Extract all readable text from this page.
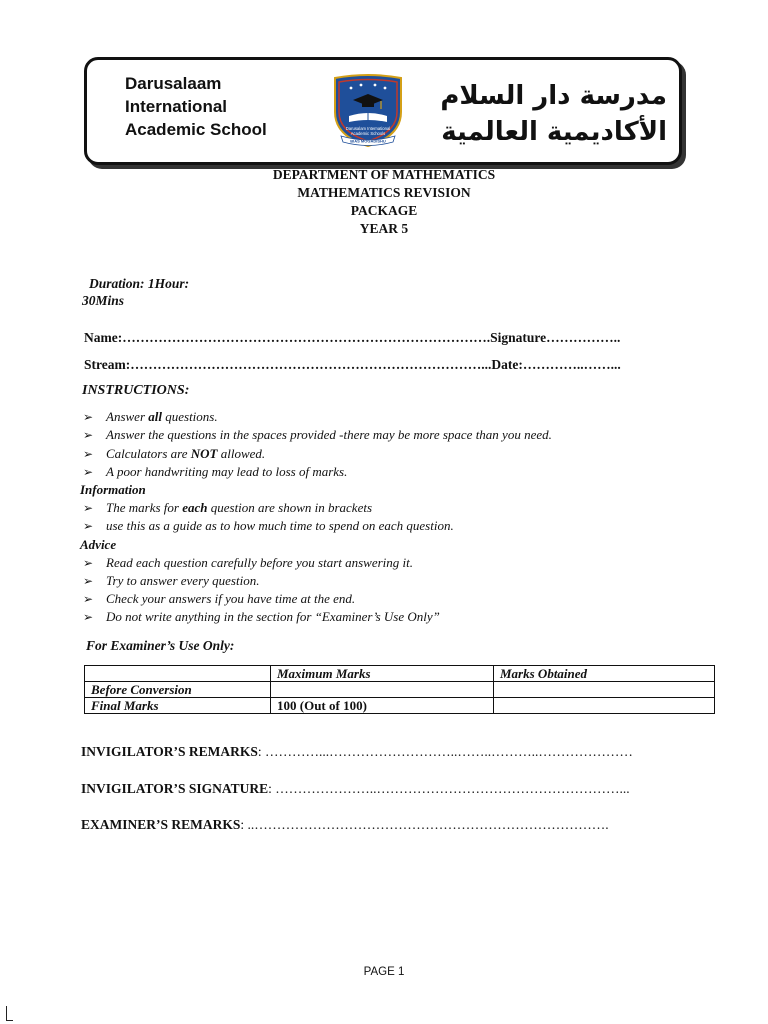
Darusalaam
International
Academic School	Darusalam International
Academic Schools
BIAS MOGADISHU
مدرسة دار السلام
الأكاديمية العالمية
DEPARTMENT OF MATHEMATICS
MATHEMATICS REVISION
PACKAGE
YEAR 5
Duration: 1Hour:
30Mins
Name:……………………………………………………………………….Signature……………..
Stream:……………………………………………………………………...Date:…………..……...
INSTRUCTIONS:
➢ Answer all questions.
➢ Answer the questions in the spaces provided -there may be more space than you need.
➢ Calculators are NOT allowed.
➢ A poor handwriting may lead to loss of marks.
Information
➢ The marks for each question are shown in brackets
➢ use this as a guide as to how much time to spend on each question.
Advice
➢ Read each question carefully before you start answering it.
➢ Try to answer every question.
➢ Check your answers if you have time at the end.
➢ Do not write anything in the section for “Examiner’s Use Only”
For Examiner’s Use Only:
	Maximum Marks	Marks Obtained
Before Conversion		
Final Marks	100 (Out of 100)	
INVIGILATOR’S REMARKS: …………...………………………..……..………..…………………
INVIGILATOR’S SIGNATURE: …………………..………………………………………………...
EXAMINER’S REMARKS: ..…………………………………………………………………….
PAGE 1
